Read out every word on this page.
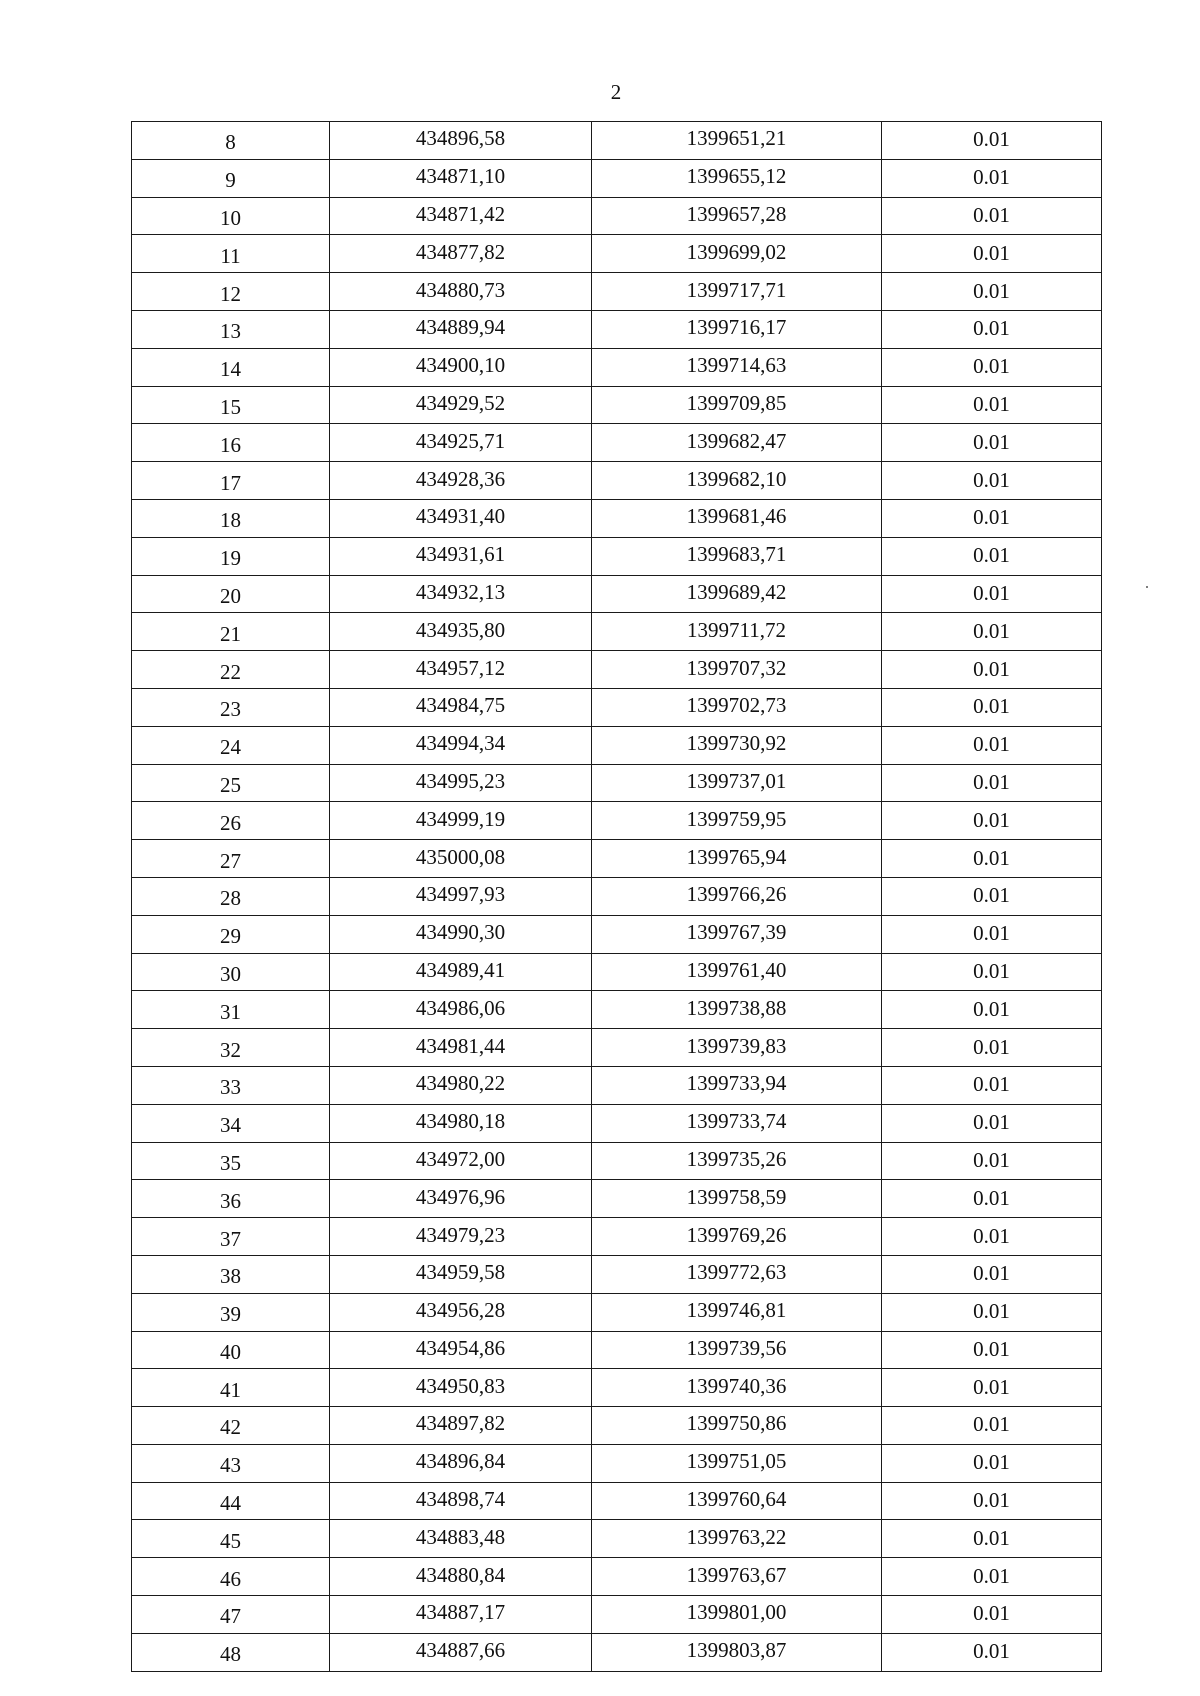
2
8	434896,58	1399651,21	0.01
9	434871,10	1399655,12	0.01
10	434871,42	1399657,28	0.01
11	434877,82	1399699,02	0.01
12	434880,73	1399717,71	0.01
13	434889,94	1399716,17	0.01
14	434900,10	1399714,63	0.01
15	434929,52	1399709,85	0.01
16	434925,71	1399682,47	0.01
17	434928,36	1399682,10	0.01
18	434931,40	1399681,46	0.01
19	434931,61	1399683,71	0.01
20	434932,13	1399689,42	0.01
21	434935,80	1399711,72	0.01
22	434957,12	1399707,32	0.01
23	434984,75	1399702,73	0.01
24	434994,34	1399730,92	0.01
25	434995,23	1399737,01	0.01
26	434999,19	1399759,95	0.01
27	435000,08	1399765,94	0.01
28	434997,93	1399766,26	0.01
29	434990,30	1399767,39	0.01
30	434989,41	1399761,40	0.01
31	434986,06	1399738,88	0.01
32	434981,44	1399739,83	0.01
33	434980,22	1399733,94	0.01
34	434980,18	1399733,74	0.01
35	434972,00	1399735,26	0.01
36	434976,96	1399758,59	0.01
37	434979,23	1399769,26	0.01
38	434959,58	1399772,63	0.01
39	434956,28	1399746,81	0.01
40	434954,86	1399739,56	0.01
41	434950,83	1399740,36	0.01
42	434897,82	1399750,86	0.01
43	434896,84	1399751,05	0.01
44	434898,74	1399760,64	0.01
45	434883,48	1399763,22	0.01
46	434880,84	1399763,67	0.01
47	434887,17	1399801,00	0.01
48	434887,66	1399803,87	0.01
